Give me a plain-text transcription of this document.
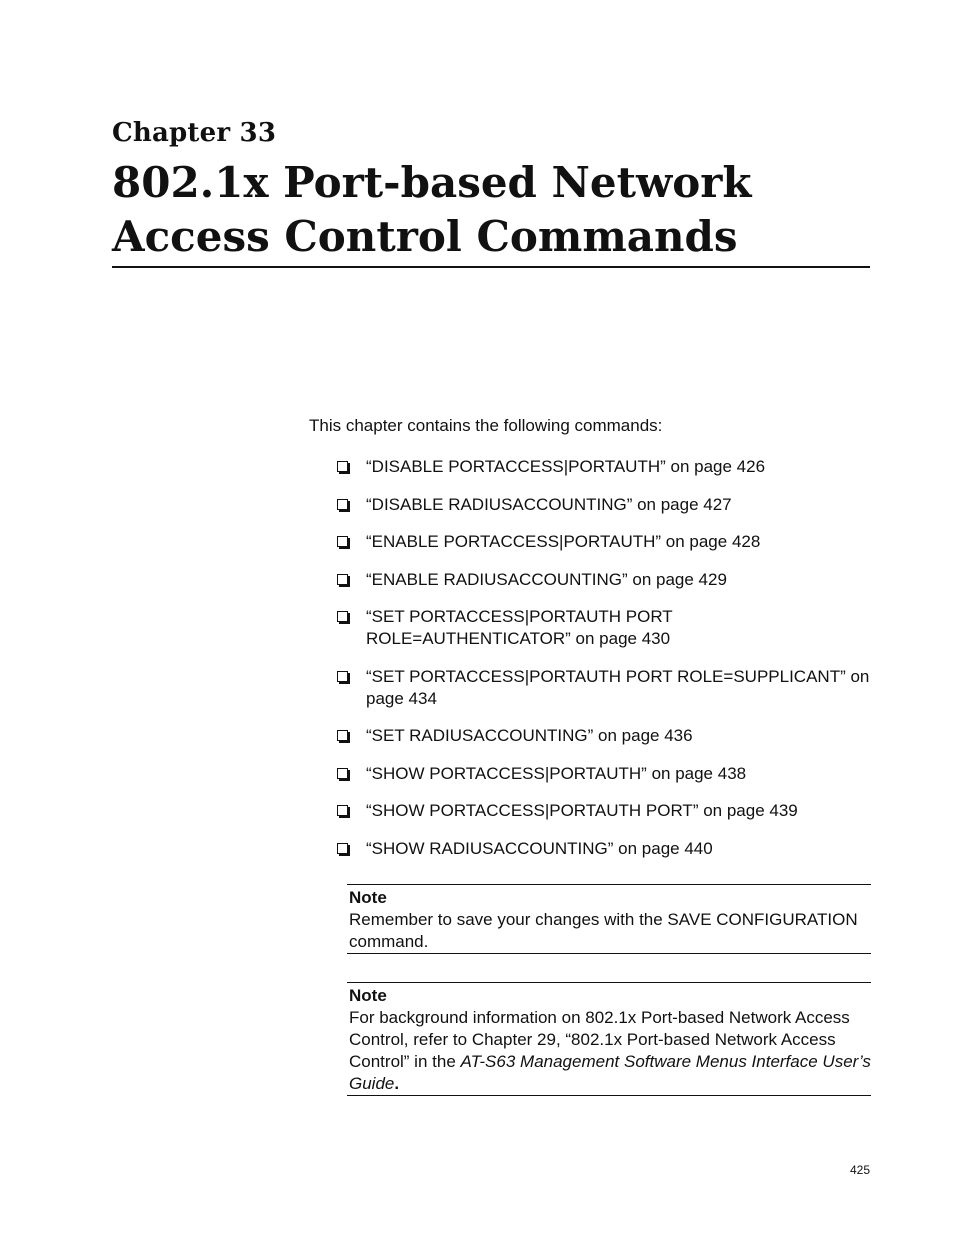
Chapter 33
802.1x Port-based Network Access Control Commands
This chapter contains the following commands:
“DISABLE PORTACCESS|PORTAUTH” on page 426
“DISABLE RADIUSACCOUNTING” on page 427
“ENABLE PORTACCESS|PORTAUTH” on page 428
“ENABLE RADIUSACCOUNTING” on page 429
“SET PORTACCESS|PORTAUTH PORT ROLE=AUTHENTICATOR” on page 430
“SET PORTACCESS|PORTAUTH PORT ROLE=SUPPLICANT” on page 434
“SET RADIUSACCOUNTING” on page 436
“SHOW PORTACCESS|PORTAUTH” on page 438
“SHOW PORTACCESS|PORTAUTH PORT” on page 439
“SHOW RADIUSACCOUNTING” on page 440
Note
Remember to save your changes with the SAVE CONFIGURATION command.
Note
For background information on 802.1x Port-based Network Access Control, refer to Chapter 29, “802.1x Port-based Network Access Control” in the AT-S63 Management Software Menus Interface User’s Guide.
425
